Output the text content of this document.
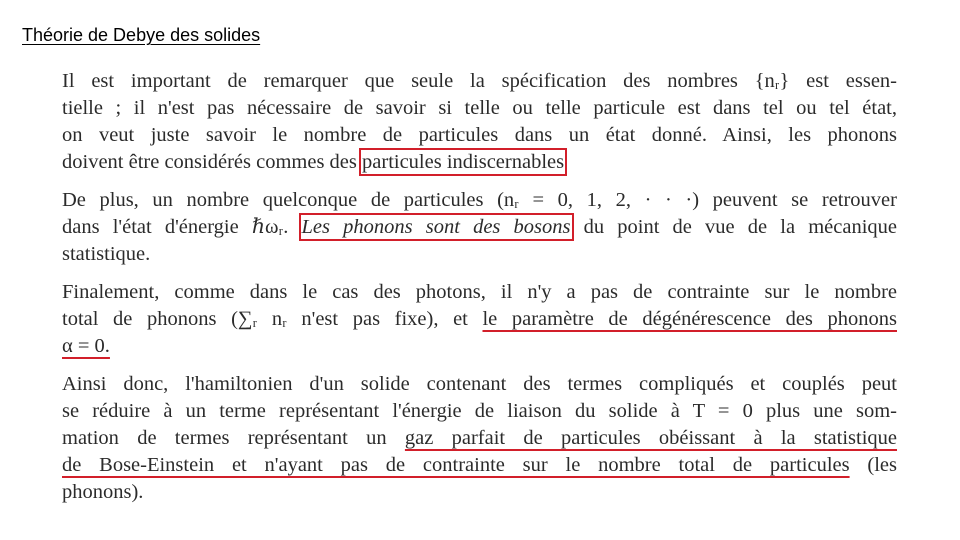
Théorie de Debye des solides
Il est important de remarquer que seule la spécification des nombres {nᵣ} est essen-
tielle ; il n'est pas nécessaire de savoir si telle ou telle particule est dans tel ou tel état,
on veut juste savoir le nombre de particules dans un état donné. Ainsi, les phonons
doivent être considérés commes des particules indiscernables
De plus, un nombre quelconque de particules (nᵣ = 0, 1, 2, · · ·) peuvent se retrouver
dans l'état d'énergie ℏωᵣ. Les phonons sont des bosons du point de vue de la mécanique
statistique.
Finalement, comme dans le cas des photons, il n'y a pas de contrainte sur le nombre
total de phonons (∑ᵣ nᵣ n'est pas fixe), et le paramètre de dégénérescence des phonons
α = 0.
Ainsi donc, l'hamiltonien d'un solide contenant des termes compliqués et couplés peut
se réduire à un terme représentant l'énergie de liaison du solide à T = 0 plus une som-
mation de termes représentant un gaz parfait de particules obéissant à la statistique
de Bose-Einstein et n'ayant pas de contrainte sur le nombre total de particules (les
phonons).
